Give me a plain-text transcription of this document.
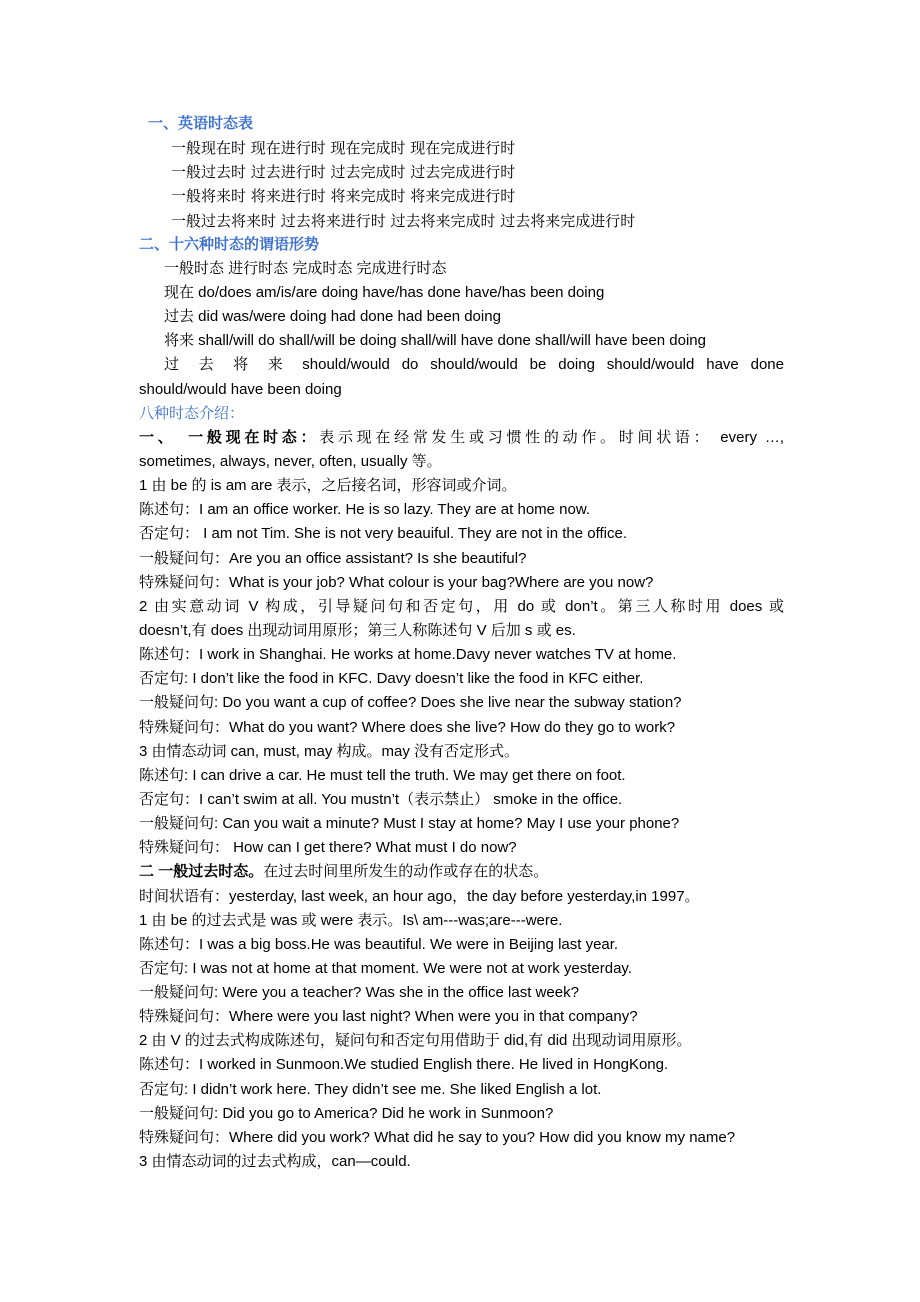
一、英语时态表
一般现在时 现在进行时 现在完成时 现在完成进行时
一般过去时 过去进行时 过去完成时 过去完成进行时
一般将来时 将来进行时 将来完成时 将来完成进行时
一般过去将来时 过去将来进行时 过去将来完成时 过去将来完成进行时
二、十六种时态的谓语形势
一般时态 进行时态 完成时态 完成进行时态
现在 do/does am/is/are doing have/has done have/has been doing
过去 did was/were doing had done had been doing
将来 shall/will do shall/will be doing shall/will have done shall/will have been doing
过 去 将 来 should/would do should/would be doing should/would have done
should/would have been doing
八种时态介绍：
一、 一般现在时态：表示现在经常发生或习惯性的动作。时间状语： every …,
sometimes, always, never, often, usually 等。
1 由 be 的 is am are 表示，之后接名词，形容词或介词。
陈述句：I am an office worker. He is so lazy. They are at home now.
否定句： I am not Tim. She is not very beauiful. They are not in the office.
一般疑问句：Are you an office assistant? Is she beautiful?
特殊疑问句：What is your job? What colour is your bag?Where are you now?
2 由实意动词 V 构成，引导疑问句和否定句，用 do 或 don’t。第三人称时用 does 或
doesn’t,有 does 出现动词用原形；第三人称陈述句 V 后加 s 或 es.
陈述句：I work in Shanghai. He works at home.Davy never watches TV at home.
否定句: I don’t like the food in KFC. Davy doesn’t like the food in KFC either.
一般疑问句: Do you want a cup of coffee? Does she live near the subway station?
特殊疑问句：What do you want? Where does she live? How do they go to work?
3 由情态动词 can, must, may 构成。may 没有否定形式。
陈述句: I can drive a car. He must tell the truth. We may get there on foot.
否定句：I can’t swim at all. You mustn’t（表示禁止） smoke in the office.
一般疑问句: Can you wait a minute? Must I stay at home? May I use your phone?
特殊疑问句： How can I get there? What must I do now?
二 一般过去时态。在过去时间里所发生的动作或存在的状态。
时间状语有：yesterday, last week, an hour ago，the day before yesterday,in 1997。
1 由 be 的过去式是 was 或 were 表示。Is\ am---was;are---were.
陈述句：I was a big boss.He was beautiful. We were in Beijing last year.
否定句: I was not at home at that moment. We were not at work yesterday.
一般疑问句: Were you a teacher? Was she in the office last week?
特殊疑问句：Where were you last night? When were you in that company?
2 由 V 的过去式构成陈述句，疑问句和否定句用借助于 did,有 did 出现动词用原形。
陈述句：I worked in Sunmoon.We studied English there. He lived in HongKong.
否定句: I didn’t work here. They didn’t see me. She liked English a lot.
一般疑问句: Did you go to America? Did he work in Sunmoon?
特殊疑问句：Where did you work? What did he say to you? How did you know my name?
3 由情态动词的过去式构成，can—could.
